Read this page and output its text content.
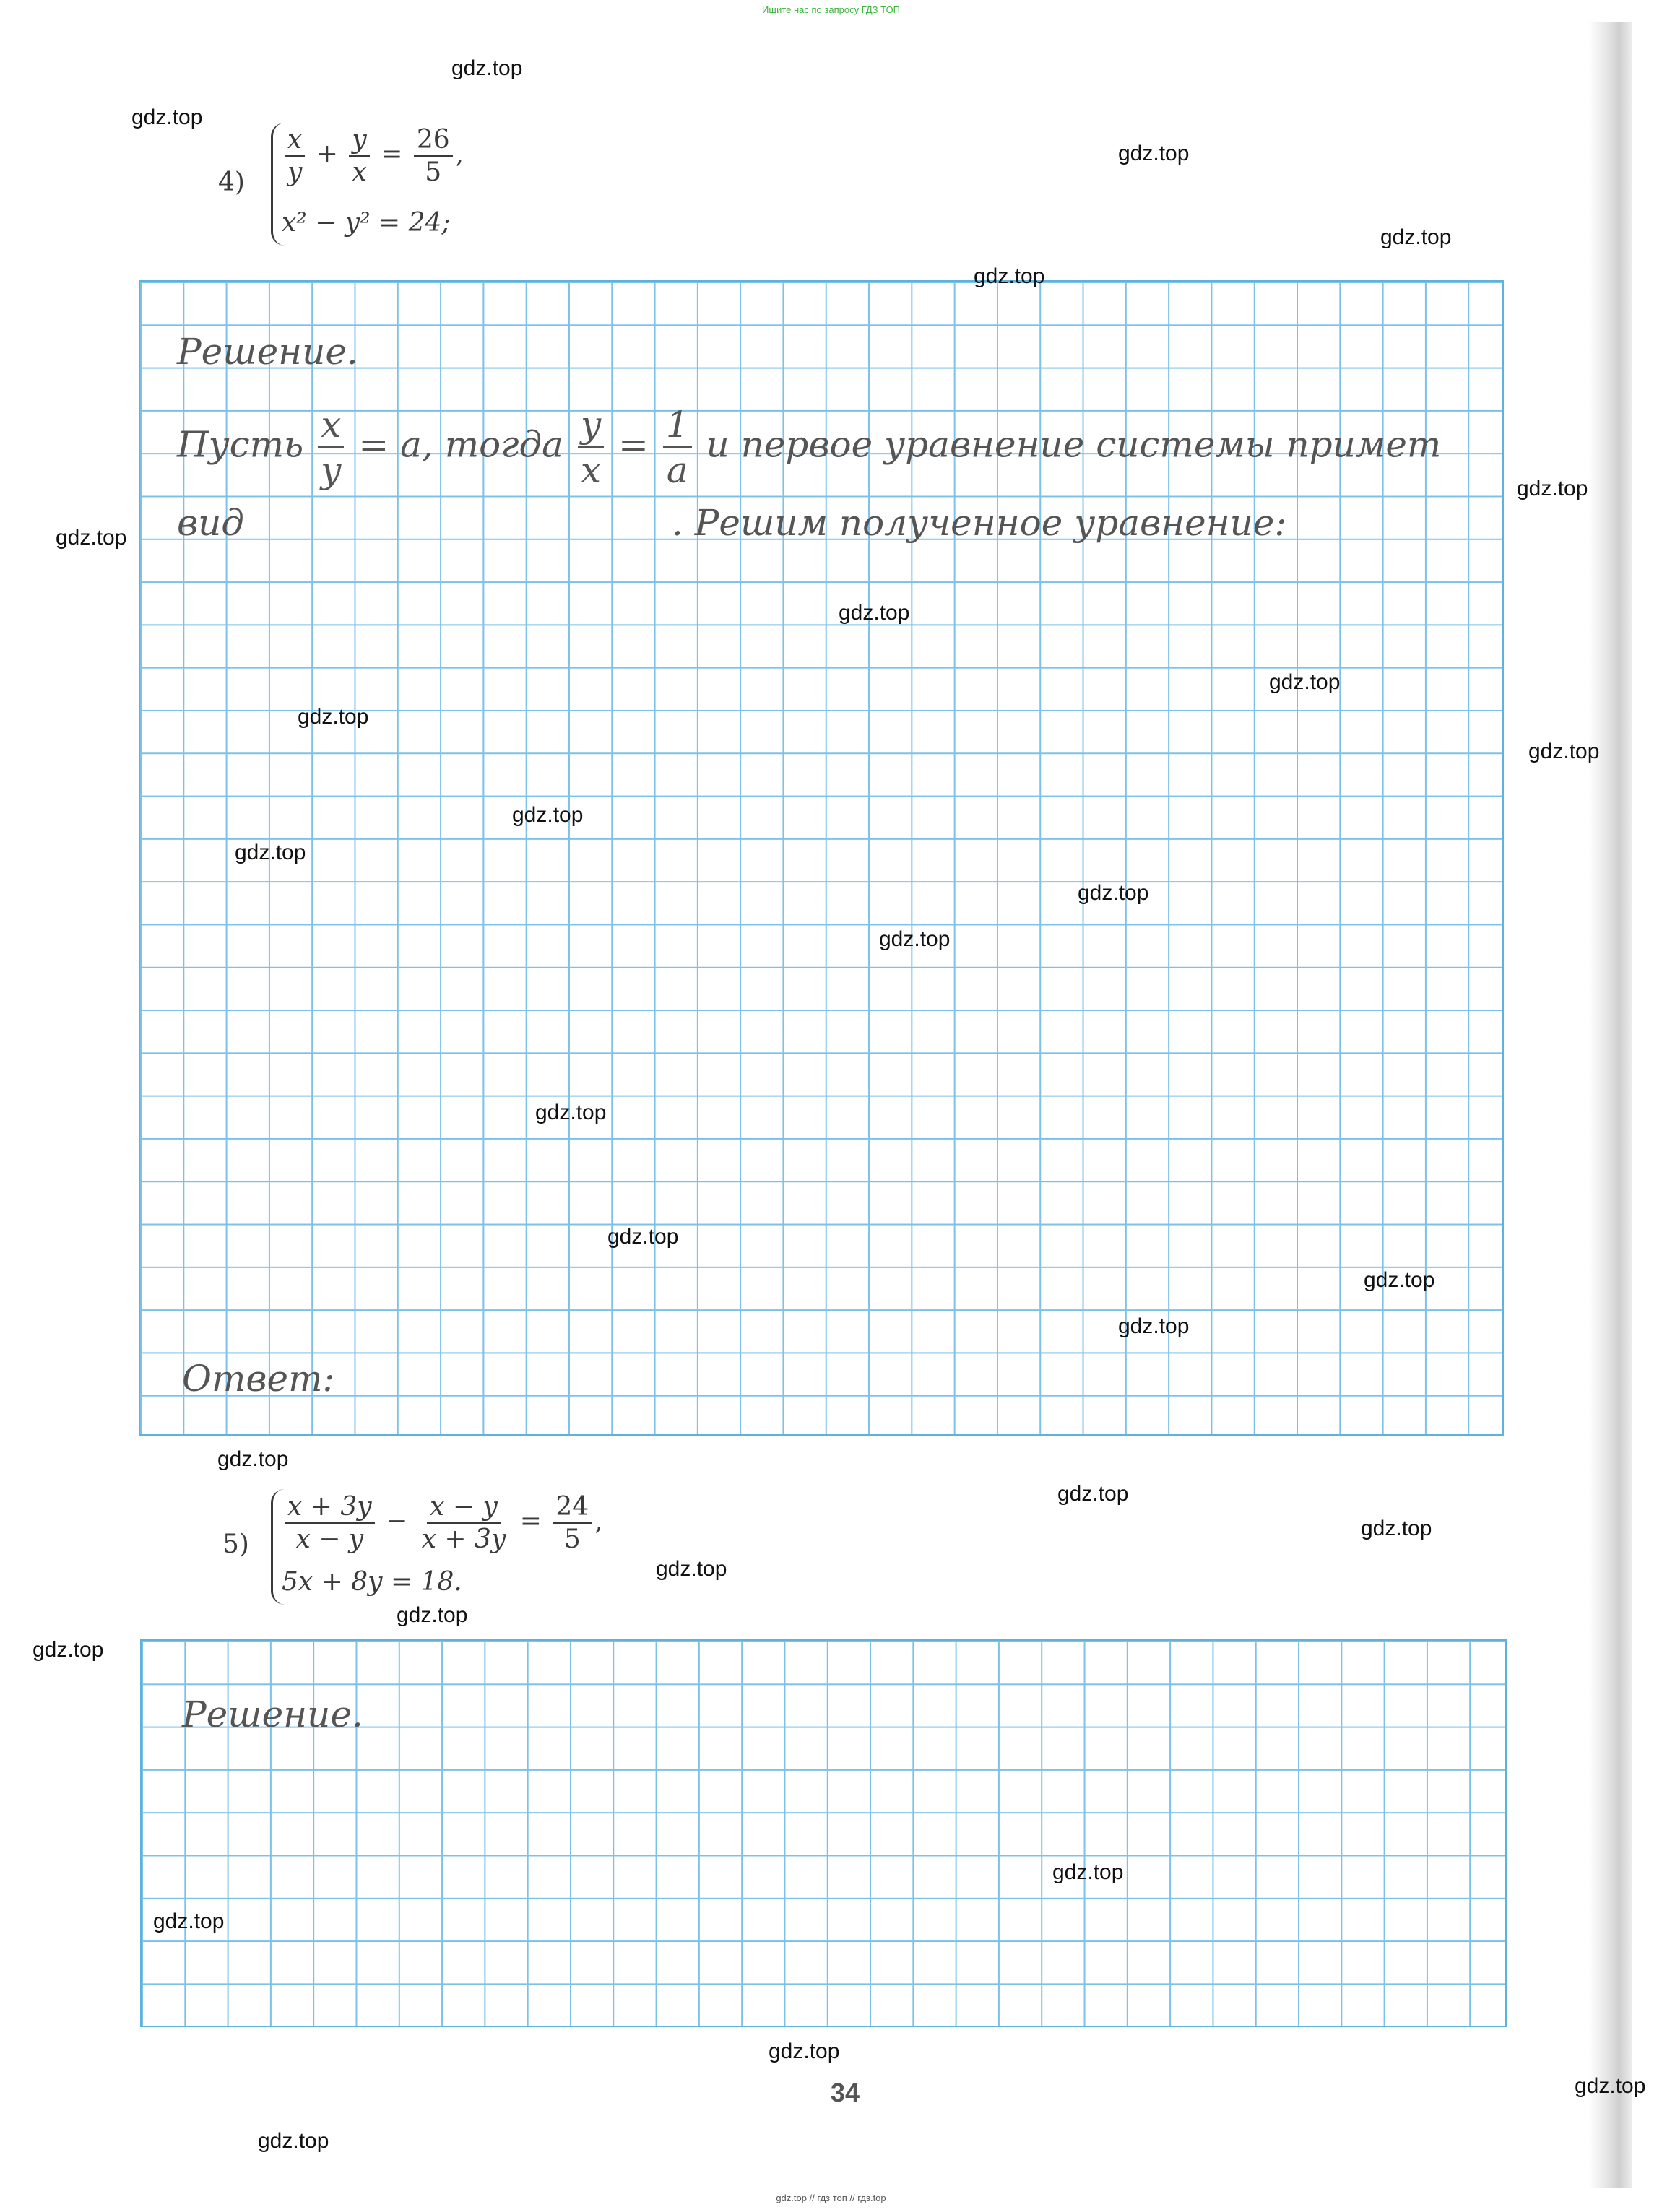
Ищите нас по запросу ГДЗ ТОП
$4) \frac{x}{y} + \frac{y}{x} = \frac{26}{5}$ ,
x² − y² = 24;
Решение.
Пусть $\frac{x}{y} = a$, тогда $\frac{y}{x} = \frac{1}{a}$ и первое уравнение системы примет
вид	. Решим полученное уравнение:
Ответ:
$5) \frac{x + 3y}{x - y} - \frac{x - y}{x + 3y} = \frac{24}{5}$ ,
5x + 8y = 18.
Решение.
34
gdz.top
gdz.top
gdz.top
gdz.top
gdz.top
gdz.top
gdz.top
gdz.top
gdz.top
gdz.top
gdz.top
gdz.top
gdz.top
gdz.top
gdz.top
gdz.top
gdz.top
gdz.top
gdz.top
gdz.top
gdz.top
gdz.top
gdz.top
gdz.top
gdz.top
gdz.top
gdz.top
gdz.top
gdz.top
gdz.top
gdz.top // гдз топ // гдз.top
